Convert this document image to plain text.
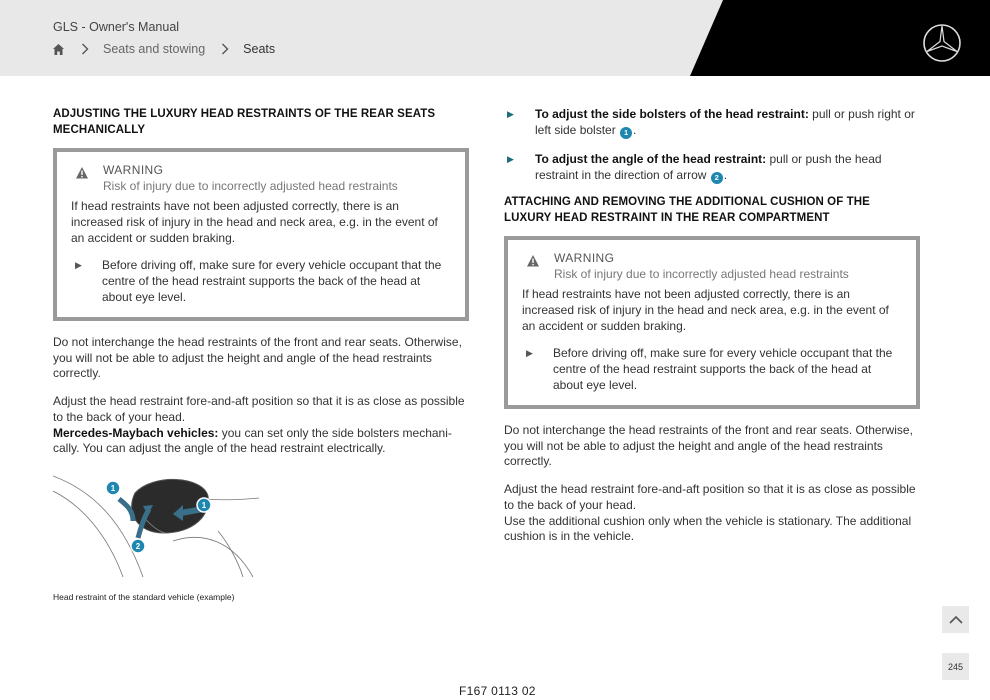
GLS - Owner's Manual
Seats and stowing	Seats
ADJUSTING THE LUXURY HEAD RESTRAINTS OF THE REAR SEATS MECHANICALLY
WARNING
Risk of injury due to incorrectly adjusted head restraints
If head restraints have not been adjusted correctly, there is an increased risk of injury in the head and neck area, e.g. in the event of an accident or sudden braking.
▶	Before driving off, make sure for every vehicle occupant that the centre of the head restraint supports the back of the head at about eye level.

Do not interchange the head restraints of the front and rear seats. Otherwise, you will not be able to adjust the height and angle of the head restraints correctly.

Adjust the head restraint fore-and-aft position so that it is as close as possible to the back of your head.

Mercedes-Maybach vehicles: you can set only the side bolsters mechanically. You can adjust the angle of the head restraint electrically.

1
1
2
Head restraint of the standard vehicle (example)
▶	To adjust the side bolsters of the head restraint: pull or push right or left side bolster 1 .
▶	To adjust the angle of the head restraint: pull or push the head restraint in the direction of arrow 2 .
ATTACHING AND REMOVING THE ADDITIONAL CUSHION OF THE LUXURY HEAD RESTRAINT IN THE REAR COMPARTMENT
WARNING
Risk of injury due to incorrectly adjusted head restraints
If head restraints have not been adjusted correctly, there is an increased risk of injury in the head and neck area, e.g. in the event of an accident or sudden braking.
▶	Before driving off, make sure for every vehicle occupant that the centre of the head restraint supports the back of the head at about eye level.

Do not interchange the head restraints of the front and rear seats. Otherwise, you will not be able to adjust the height and angle of the head restraints correctly.

Adjust the head restraint fore-and-aft position so that it is as close as possible to the back of your head.

Use the additional cushion only when the vehicle is stationary. The additional cushion is in the vehicle.

245
F167 0113 02
